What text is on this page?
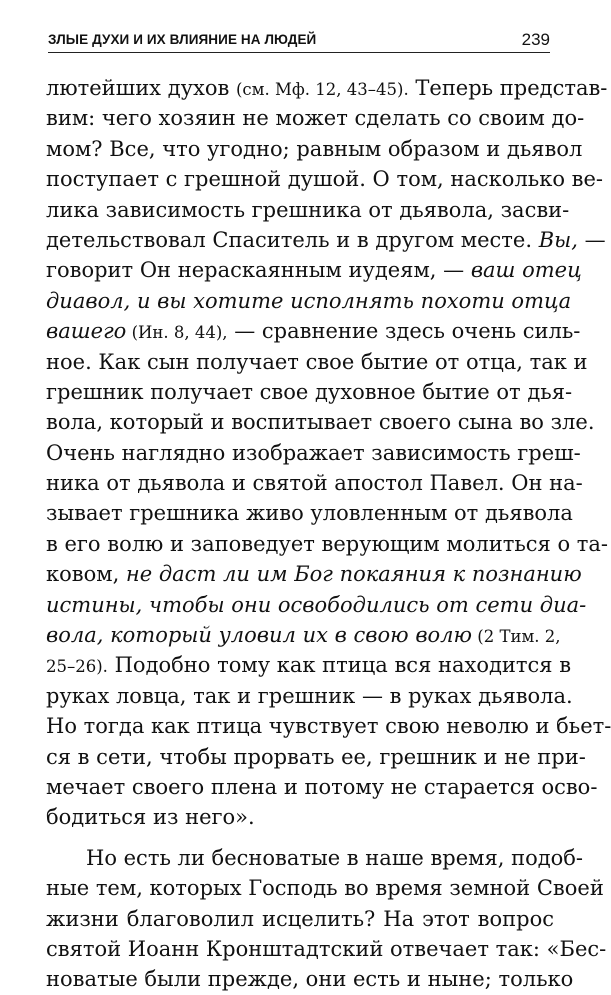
ЗЛЫЕ ДУХИ И ИХ ВЛИЯНИЕ НА ЛЮДЕЙ	239
лютейших духов (см. Мф. 12, 43–45). Теперь представ-
вим: чего хозяин не может сделать со своим до-
мом? Все, что угодно; равным образом и дьявол
поступает с грешной душой. О том, насколько ве-
лика зависимость грешника от дьявола, засви-
детельствовал Спаситель и в другом месте. Вы, —
говорит Он нераскаянным иудеям, — ваш отец
диавол, и вы хотите исполнять похоти отца
вашего (Ин. 8, 44), — сравнение здесь очень силь-
ное. Как сын получает свое бытие от отца, так и
грешник получает свое духовное бытие от дья-
вола, который и воспитывает своего сына во зле.
Очень наглядно изображает зависимость греш-
ника от дьявола и святой апостол Павел. Он на-
зывает грешника живо уловленным от дьявола
в его волю и заповедует верующим молиться о та-
ковом, не даст ли им Бог покаяния к познанию
истины, чтобы они освободились от сети диа-
вола, который уловил их в свою волю (2 Тим. 2,
25–26). Подобно тому как птица вся находится в
руках ловца, так и грешник — в руках дьявола.
Но тогда как птица чувствует свою неволю и бьет-
ся в сети, чтобы прорвать ее, грешник и не при-
мечает своего плена и потому не старается осво-
бодиться из него».
Но есть ли бесноватые в наше время, подоб-
ные тем, которых Господь во время земной Своей
жизни благоволил исцелить? На этот вопрос
святой Иоанн Кронштадтский отвечает так: «Бес-
новатые были прежде, они есть и ныне; только
